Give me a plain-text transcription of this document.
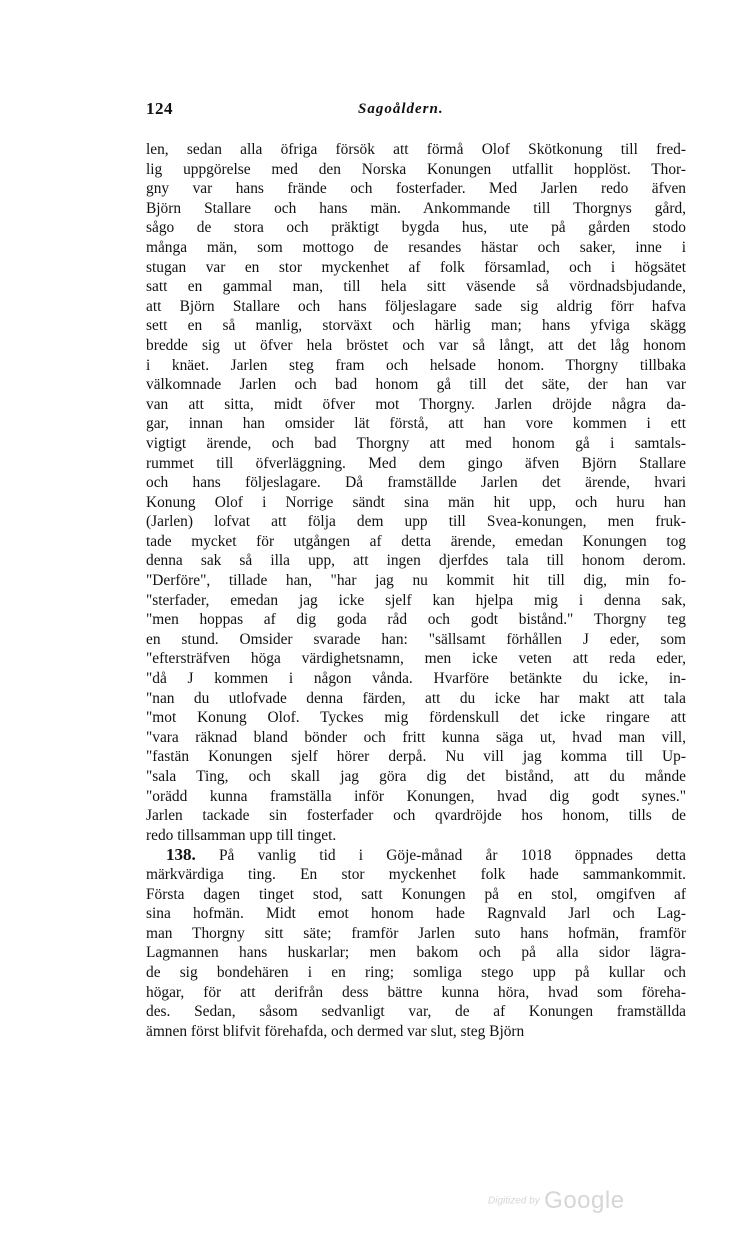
124	Sagoåldern.
len, sedan alla öfriga försök att förmå Olof Skötkonung till fred-
lig uppgörelse med den Norska Konungen utfallit hopplöst. Thor-
gny var hans frände och fosterfader. Med Jarlen redo äfven
Björn Stallare och hans män. Ankommande till Thorgnys gård,
sågo de stora och präktigt bygda hus, ute på gården stodo
många män, som mottogo de resandes hästar och saker, inne i
stugan var en stor myckenhet af folk församlad, och i högsätet
satt en gammal man, till hela sitt väsende så vördnadsbjudande,
att Björn Stallare och hans följeslagare sade sig aldrig förr hafva
sett en så manlig, storväxt och härlig man; hans yfviga skägg
bredde sig ut öfver hela bröstet och var så långt, att det låg honom
i knäet. Jarlen steg fram och helsade honom. Thorgny tillbaka
välkomnade Jarlen och bad honom gå till det säte, der han var
van att sitta, midt öfver mot Thorgny. Jarlen dröjde några da-
gar, innan han omsider lät förstå, att han vore kommen i ett
vigtigt ärende, och bad Thorgny att med honom gå i samtals-
rummet till öfverläggning. Med dem gingo äfven Björn Stallare
och hans följeslagare. Då framställde Jarlen det ärende, hvari
Konung Olof i Norrige sändt sina män hit upp, och huru han
(Jarlen) lofvat att följa dem upp till Svea-konungen, men fruk-
tade mycket för utgången af detta ärende, emedan Konungen tog
denna sak så illa upp, att ingen djerfdes tala till honom derom.
"Derföre", tillade han, "har jag nu kommit hit till dig, min fo-
"sterfader, emedan jag icke sjelf kan hjelpa mig i denna sak,
"men hoppas af dig goda råd och godt bistånd." Thorgny teg
en stund. Omsider svarade han: "sällsamt förhållen J eder, som
"eftersträfven höga värdighetsnamn, men icke veten att reda eder,
"då J kommen i någon vånda. Hvarföre betänkte du icke, in-
"nan du utlofvade denna färden, att du icke har makt att tala
"mot Konung Olof. Tyckes mig fördenskull det icke ringare att
"vara räknad bland bönder och fritt kunna säga ut, hvad man vill,
"fastän Konungen sjelf hörer derpå. Nu vill jag komma till Up-
"sala Ting, och skall jag göra dig det bistånd, att du månde
"orädd kunna framställa inför Konungen, hvad dig godt synes."
Jarlen tackade sin fosterfader och qvardröjde hos honom, tills de
redo tillsamman upp till tinget.
138. På vanlig tid i Göje-månad år 1018 öppnades detta
märkvärdiga ting. En stor myckenhet folk hade sammankommit.
Första dagen tinget stod, satt Konungen på en stol, omgifven af
sina hofmän. Midt emot honom hade Ragnvald Jarl och Lag-
man Thorgny sitt säte; framför Jarlen suto hans hofmän, framför
Lagmannen hans huskarlar; men bakom och på alla sidor lägra-
de sig bondehären i en ring; somliga stego upp på kullar och
högar, för att derifrån dess bättre kunna höra, hvad som föreha-
des. Sedan, såsom sedvanligt var, de af Konungen framställda
ämnen först blifvit förehafda, och dermed var slut, steg Björn
Digitized by Google
